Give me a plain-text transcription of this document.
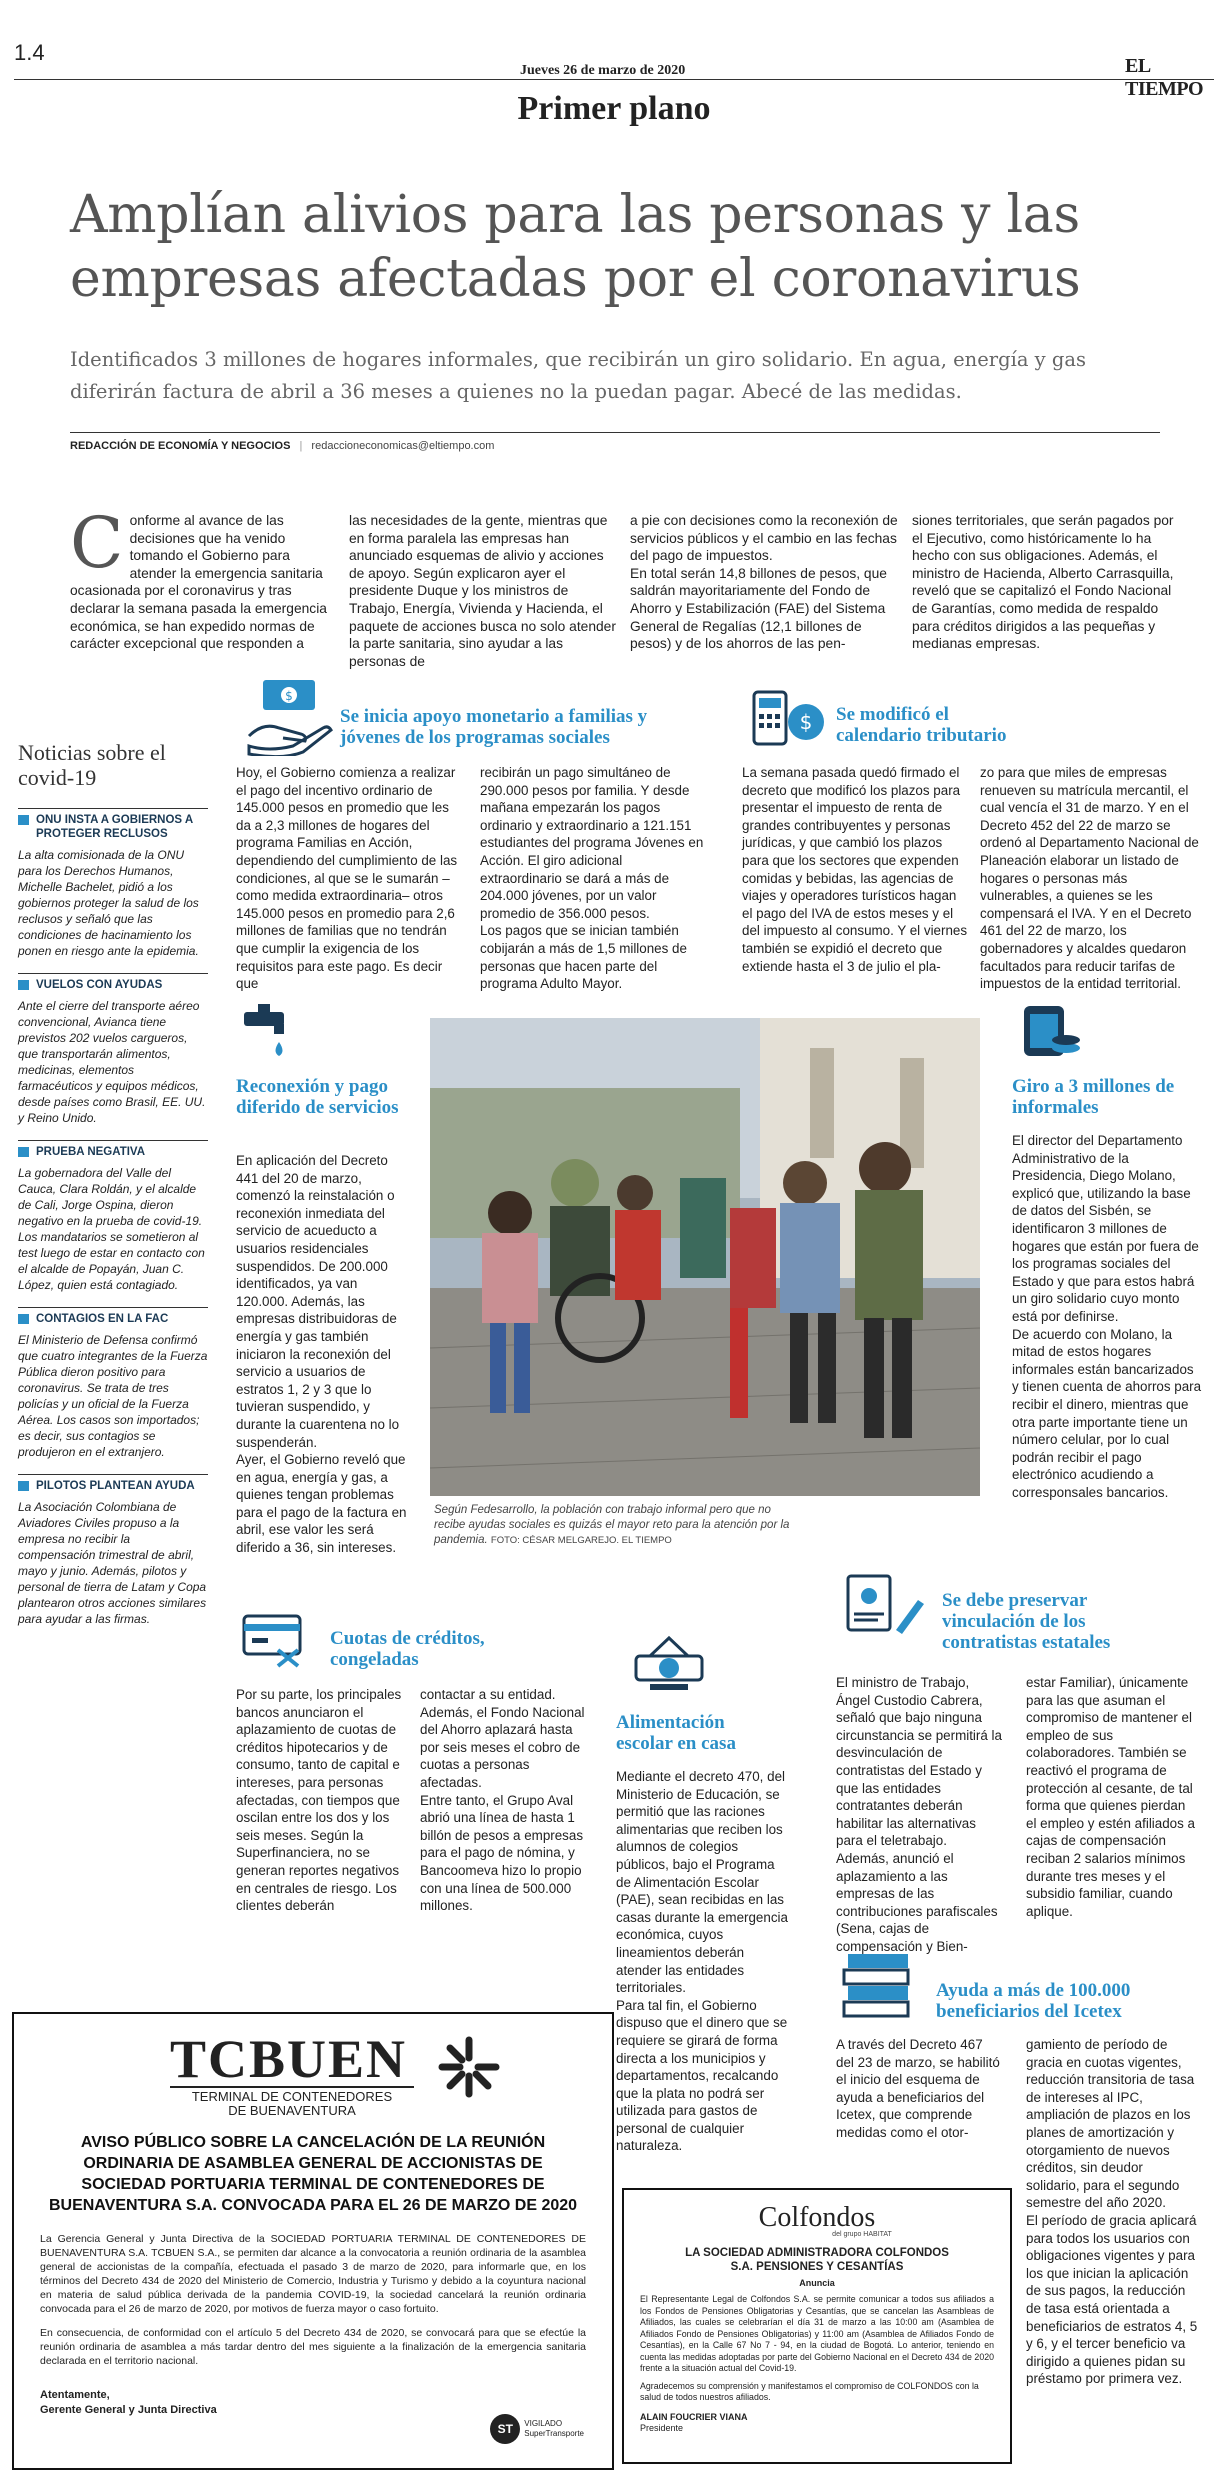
1.4
Jueves 26 de marzo de 2020	EL TIEMPO
Primer plano
Amplían alivios para las personas y las empresas afectadas por el coronavirus
Identificados 3 millones de hogares informales, que recibirán un giro solidario. En agua, energía y gas diferirán factura de abril a 36 meses a quienes no la puedan pagar. Abecé de las medidas.
REDACCIÓN DE ECONOMÍA Y NEGOCIOS | redaccioneconomicas@eltiempo.com
C onforme al avance de las decisiones que ha venido tomando el Gobierno para atender la emergencia sanitaria ocasionada por el coronavirus y tras declarar la semana pasada la emergencia económica, se han expedido normas de carácter excepcional que responden a
las necesidades de la gente, mientras que en forma paralela las empresas han anunciado esquemas de alivio y acciones de apoyo. Según explicaron ayer el presidente Duque y los ministros de Trabajo, Energía, Vivienda y Hacienda, el paquete de acciones busca no solo atender la parte sanitaria, sino ayudar a las personas de
a pie con decisiones como la reconexión de servicios públicos y el cambio en las fechas del pago de impuestos.
En total serán 14,8 billones de pesos, que saldrán mayoritariamente del Fondo de Ahorro y Estabilización (FAE) del Sistema General de Regalías (12,1 billones de pesos) y de los ahorros de las pen-
siones territoriales, que serán pagados por el Ejecutivo, como históricamente lo ha hecho con sus obligaciones. Además, el ministro de Hacienda, Alberto Carrasquilla, reveló que se capitalizó el Fondo Nacional de Garantías, como medida de respaldo para créditos dirigidos a las pequeñas y medianas empresas.
Noticias sobre el covid-19
ONU INSTA A GOBIERNOS A PROTEGER RECLUSOS
La alta comisionada de la ONU para los Derechos Humanos, Michelle Bachelet, pidió a los gobiernos proteger la salud de los reclusos y señaló que las condiciones de hacinamiento los ponen en riesgo ante la epidemia.
VUELOS CON AYUDAS
Ante el cierre del transporte aéreo convencional, Avianca tiene previstos 202 vuelos cargueros, que transportarán alimentos, medicinas, elementos farmacéuticos y equipos médicos, desde países como Brasil, EE. UU. y Reino Unido.
PRUEBA NEGATIVA
La gobernadora del Valle del Cauca, Clara Roldán, y el alcalde de Cali, Jorge Ospina, dieron negativo en la prueba de covid-19. Los mandatarios se sometieron al test luego de estar en contacto con el alcalde de Popayán, Juan C. López, quien está contagiado.
CONTAGIOS EN LA FAC
El Ministerio de Defensa confirmó que cuatro integrantes de la Fuerza Pública dieron positivo para coronavirus. Se trata de tres policías y un oficial de la Fuerza Aérea. Los casos son importados; es decir, sus contagios se produjeron en el extranjero.
PILOTOS PLANTEAN AYUDA
La Asociación Colombiana de Aviadores Civiles propuso a la empresa no recibir la compensación trimestral de abril, mayo y junio. Además, pilotos y personal de tierra de Latam y Copa plantearon otros acciones similares para ayudar a las firmas.
$
Se inicia apoyo monetario a familias y jóvenes de los programas sociales
Hoy, el Gobierno comienza a realizar el pago del incentivo ordinario de 145.000 pesos en promedio que les da a 2,3 millones de hogares del programa Familias en Acción, dependiendo del cumplimiento de las condiciones, al que se le sumarán –como medida extraordinaria– otros 145.000 pesos en promedio para 2,6 millones de familias que no tendrán que cumplir la exigencia de los requisitos para este pago. Es decir que
recibirán un pago simultáneo de 290.000 pesos por familia. Y desde mañana empezarán los pagos ordinario y extraordinario a 121.151 estudiantes del programa Jóvenes en Acción. El giro adicional extraordinario se dará a más de 204.000 jóvenes, por un valor promedio de 356.000 pesos.
Los pagos que se inician también cobijarán a más de 1,5 millones de personas que hacen parte del programa Adulto Mayor.
$ Se modificó el calendario tributario
La semana pasada quedó firmado el decreto que modificó los plazos para presentar el impuesto de renta de grandes contribuyentes y personas jurídicas, y que cambió los plazos para que los sectores que expenden comidas y bebidas, las agencias de viajes y operadores turísticos hagan el pago del IVA de estos meses y el del impuesto al consumo. Y el viernes también se expidió el decreto que extiende hasta el 3 de julio el pla-
zo para que miles de empresas renueven su matrícula mercantil, el cual vencía el 31 de marzo. Y en el Decreto 452 del 22 de marzo se ordenó al Departamento Nacional de Planeación elaborar un listado de hogares o personas más vulnerables, a quienes se les compensará el IVA. Y en el Decreto 461 del 22 de marzo, los gobernadores y alcaldes quedaron facultados para reducir tarifas de impuestos de la entidad territorial.
Reconexión y pago diferido de servicios
En aplicación del Decreto 441 del 20 de marzo, comenzó la reinstalación o reconexión inmediata del servicio de acueducto a usuarios residenciales suspendidos. De 200.000 identificados, ya van 120.000. Además, las empresas distribuidoras de energía y gas también iniciaron la reconexión del servicio a usuarios de estratos 1, 2 y 3 que lo tuvieran suspendido, y durante la cuarentena no lo suspenderán.
Ayer, el Gobierno reveló que en agua, energía y gas, a quienes tengan problemas para el pago de la factura en abril, ese valor les será diferido a 36, sin intereses.
Según Fedesarrollo, la población con trabajo informal pero que no recibe ayudas sociales es quizás el mayor reto para la atención por la pandemia. FOTO: CÉSAR MELGAREJO. EL TIEMPO
Giro a 3 millones de informales
El director del Departamento Administrativo de la Presidencia, Diego Molano, explicó que, utilizando la base de datos del Sisbén, se identificaron 3 millones de hogares que están por fuera de los programas sociales del Estado y que para estos habrá un giro solidario cuyo monto está por definirse.
De acuerdo con Molano, la mitad de estos hogares informales están bancarizados y tienen cuenta de ahorros para recibir el dinero, mientras que otra parte importante tiene un número celular, por lo cual podrán recibir el pago electrónico acudiendo a corresponsales bancarios.
Cuotas de créditos, congeladas
Por su parte, los principales bancos anunciaron el aplazamiento de cuotas de créditos hipotecarios y de consumo, tanto de capital e intereses, para personas afectadas, con tiempos que oscilan entre los dos y los seis meses. Según la Superfinanciera, no se generan reportes negativos en centrales de riesgo. Los clientes deberán
contactar a su entidad. Además, el Fondo Nacional del Ahorro aplazará hasta por seis meses el cobro de cuotas a personas afectadas.
Entre tanto, el Grupo Aval abrió una línea de hasta 1 billón de pesos a empresas para el pago de nómina, y Bancoomeva hizo lo propio con una línea de 500.000 millones.
Alimentación escolar en casa
Mediante el decreto 470, del Ministerio de Educación, se permitió que las raciones alimentarias que reciben los alumnos de colegios públicos, bajo el Programa de Alimentación Escolar (PAE), sean recibidas en las casas durante la emergencia económica, cuyos lineamientos deberán atender las entidades territoriales.
Para tal fin, el Gobierno dispuso que el dinero que se requiere se girará de forma directa a los municipios y departamentos, recalcando que la plata no podrá ser utilizada para gastos de personal de cualquier naturaleza.
Se debe preservar vinculación de los contratistas estatales
El ministro de Trabajo, Ángel Custodio Cabrera, señaló que bajo ninguna circunstancia se permitirá la desvinculación de contratistas del Estado y que las entidades contratantes deberán habilitar las alternativas para el teletrabajo. Además, anunció el aplazamiento a las empresas de las contribuciones parafiscales (Sena, cajas de compensación y Bien-
estar Familiar), únicamente para las que asuman el compromiso de mantener el empleo de sus colaboradores. También se reactivó el programa de protección al cesante, de tal forma que quienes pierdan el empleo y estén afiliados a cajas de compensación reciban 2 salarios mínimos durante tres meses y el subsidio familiar, cuando aplique.
Ayuda a más de 100.000 beneficiarios del Icetex
A través del Decreto 467 del 23 de marzo, se habilitó el inicio del esquema de ayuda a beneficiarios del Icetex, que comprende medidas como el otor-
gamiento de período de gracia en cuotas vigentes, reducción transitoria de tasa de intereses al IPC, ampliación de plazos en los planes de amortización y otorgamiento de nuevos créditos, sin deudor solidario, para el segundo semestre del año 2020.
El período de gracia aplicará para todos los usuarios con obligaciones vigentes y para los que inician la aplicación de sus pagos, la reducción de tasa está orientada a beneficiarios de estratos 4, 5 y 6, y el tercer beneficio va dirigido a quienes pidan su préstamo por primera vez.
TCBUEN
TERMINAL DE CONTENEDORES
DE BUENAVENTURA
AVISO PÚBLICO SOBRE LA CANCELACIÓN DE LA REUNIÓN ORDINARIA DE ASAMBLEA GENERAL DE ACCIONISTAS DE SOCIEDAD PORTUARIA TERMINAL DE CONTENEDORES DE BUENAVENTURA S.A. CONVOCADA PARA EL 26 DE MARZO DE 2020

La Gerencia General y Junta Directiva de la SOCIEDAD PORTUARIA TERMINAL DE CONTENEDORES DE BUENAVENTURA S.A. TCBUEN S.A., se permiten dar alcance a la convocatoria a reunión ordinaria de la asamblea general de accionistas de la compañía, efectuada el pasado 3 de marzo de 2020, para informarle que, en los términos del Decreto 434 de 2020 del Ministerio de Comercio, Industria y Turismo y debido a la coyuntura nacional en materia de salud pública derivada de la pandemia COVID-19, la sociedad cancelará la reunión ordinaria convocada para el 26 de marzo de 2020, por motivos de fuerza mayor o caso fortuito.

En consecuencia, de conformidad con el artículo 5 del Decreto 434 de 2020, se convocará para que se efectúe la reunión ordinaria de asamblea a más tardar dentro del mes siguiente a la finalización de la emergencia sanitaria declarada en el territorio nacional.

Atentamente,
Gerente General y Junta Directiva
ST	VIGILADO
SuperTransporte
Colfondos
del grupo HABITAT
LA SOCIEDAD ADMINISTRADORA COLFONDOS
S.A. PENSIONES Y CESANTÍAS
Anuncia

El Representante Legal de Colfondos S.A. se permite comunicar a todos sus afiliados a los Fondos de Pensiones Obligatorias y Cesantías, que se cancelan las Asambleas de Afiliados, las cuales se celebrarían el día 31 de marzo a las 10:00 am (Asamblea de Afiliados Fondo de Pensiones Obligatorias) y 11:00 am (Asamblea de Afiliados Fondo de Cesantías), en la Calle 67 No 7 - 94, en la ciudad de Bogotá. Lo anterior, teniendo en cuenta las medidas adoptadas por parte del Gobierno Nacional en el Decreto 434 de 2020 frente a la situación actual del Covid-19.

Agradecemos su comprensión y manifestamos el compromiso de COLFONDOS con la salud de todos nuestros afiliados.

ALAIN FOUCRIER VIANA
Presidente
